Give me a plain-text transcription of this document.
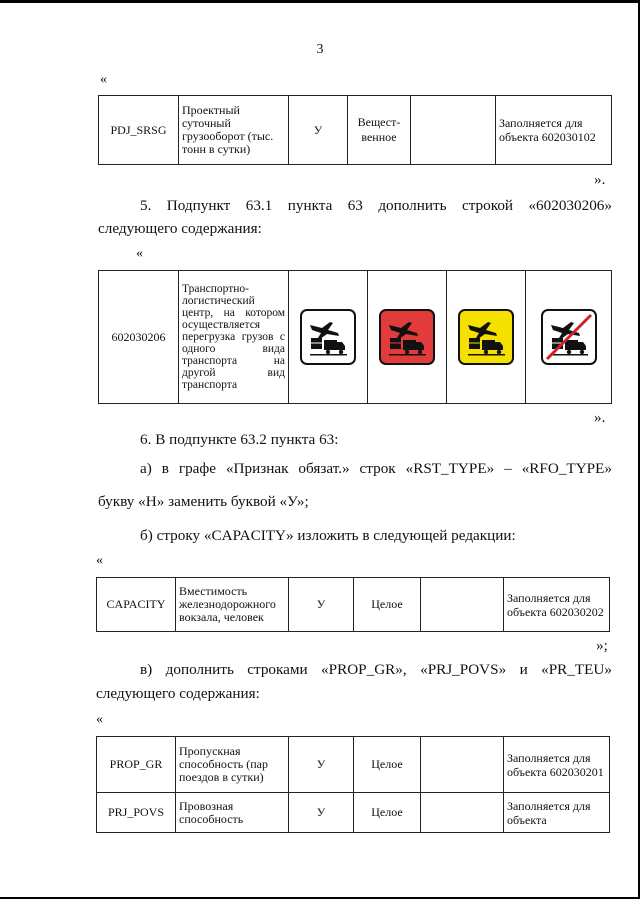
3
«
PDJ_SRSG	Проектный суточный грузооборот (тыс. тонн в сутки)	У	Вещест-венное		Заполняется для объекта 602030102
».
5. Подпункт 63.1 пункта 63 дополнить строкой «602030206»
следующего содержания:
«
602030206	Транспортно-логистический центр, на котором осуществляется перегрузка грузов с одного вида транспорта на другой вид транспорта	

».
6. В подпункте 63.2 пункта 63:
а) в графе «Признак обязат.» строк «RST_TYPE» – «RFO_TYPE»
букву «Н» заменить буквой «У»;
б) строку «CAPACITY» изложить в следующей редакции:
«
CAPACITY	Вместимость железнодорожного вокзала, человек	У	Целое		Заполняется для объекта 602030202
»;
в) дополнить строками «PROP_GR», «PRJ_POVS» и «PR_TEU»
следующего содержания:
«
PROP_GR	Пропускная способность (пар поездов в сутки)	У	Целое		Заполняется для объекта 602030201
PRJ_POVS	Провозная способность	У	Целое		Заполняется для объекта
